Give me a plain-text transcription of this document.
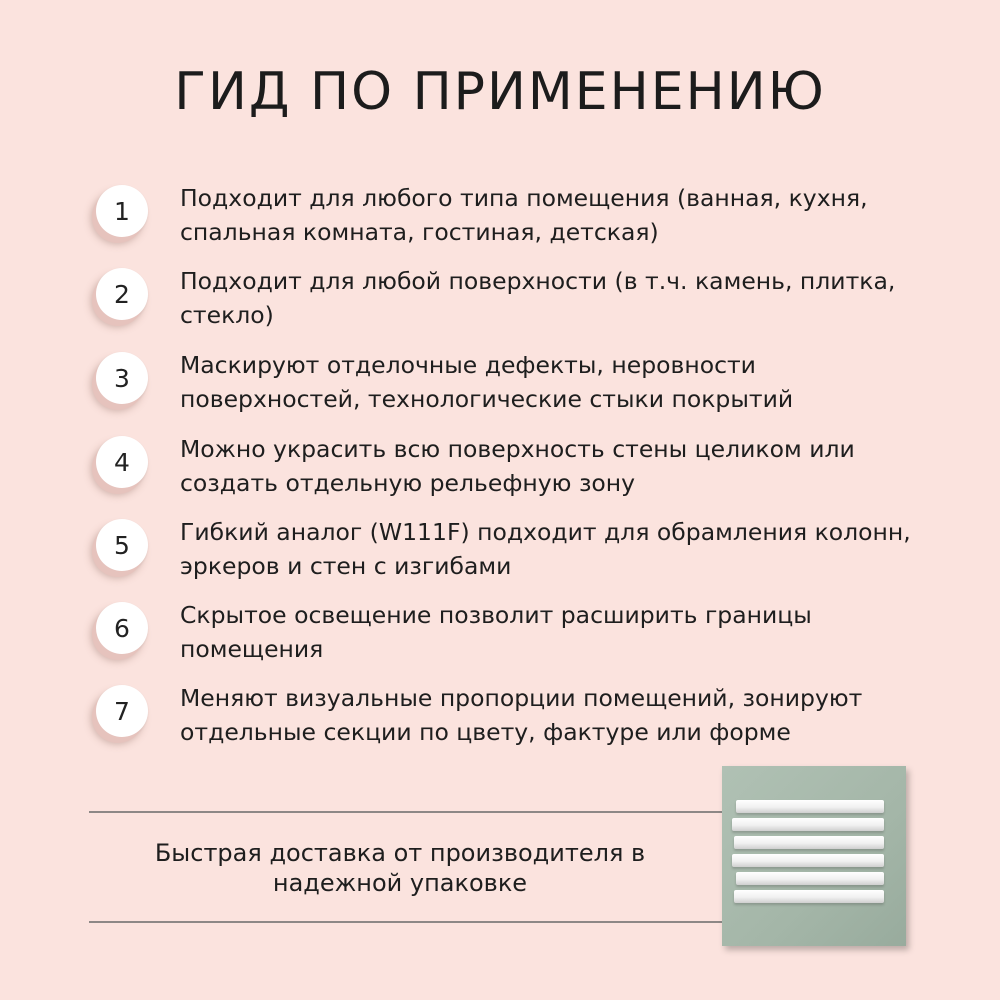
ГИД ПО ПРИМЕНЕНИЮ
1	Подходит для любого типа помещения (ванная, кухня, спальная комната, гостиная, детская)
2	Подходит для любой поверхности (в т.ч. камень, плитка, стекло)
3	Маскируют отделочные дефекты, неровности поверхностей, технологические стыки покрытий
4	Можно украсить всю поверхность стены целиком или создать отдельную рельефную зону
5	Гибкий аналог (W111F) подходит для обрамления колонн, эркеров и стен с изгибами
6	Скрытое освещение позволит расширить границы помещения
7	Меняют визуальные пропорции помещений, зонируют отдельные секции по цвету, фактуре или форме
Быстрая доставка от производителя в
надежной упаковке
